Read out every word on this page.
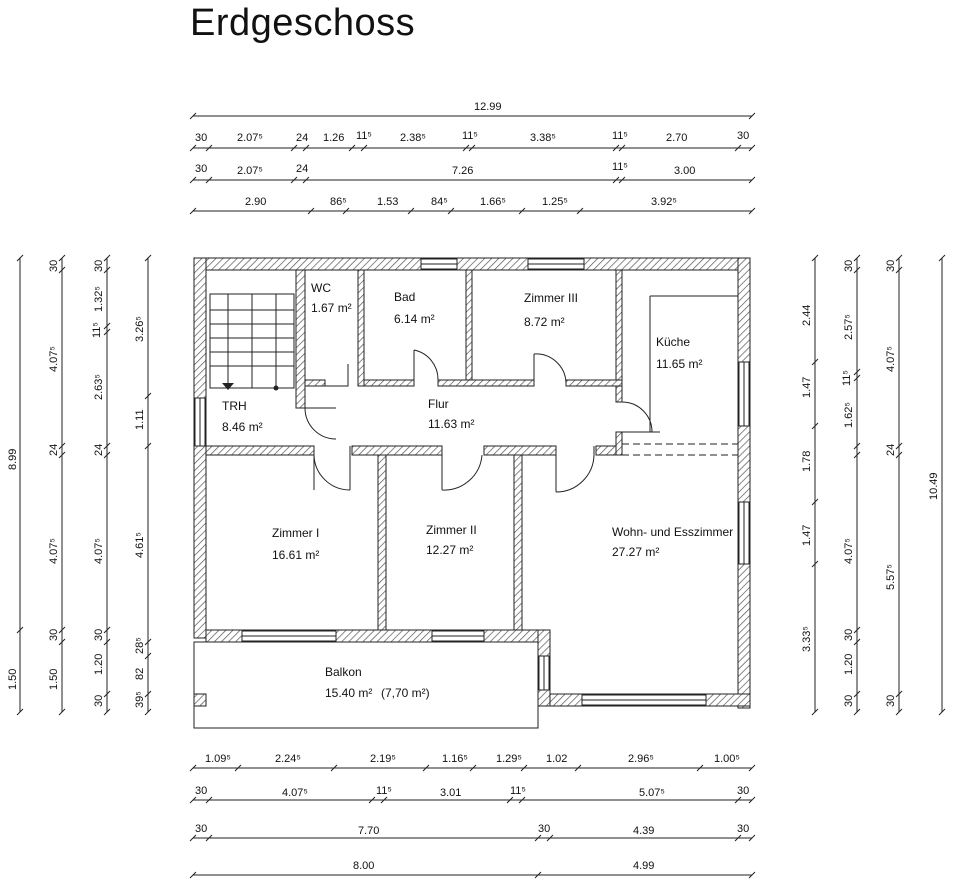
Erdgeschoss
12.99
30	2.07⁵	24 1.26 11⁵	2.38⁵	11⁵	3.38⁵	11⁵	2.70	30
30	2.07⁵	24	7.26	11⁵	3.00
2.90	86⁵	1.53	84⁵	1.66⁵	1.25⁵	3.92⁵
1.09⁵	2.24⁵	2.19⁵	1.16⁵	1.29⁵ 1.02	2.96⁵	1.00⁵
30	4.07⁵	11⁵	3.01	11⁵	5.07⁵	30
30	7.70	30	4.39	30
8.00	4.99
8.99
1.50
30
4.07⁵
24
4.07⁵
30
1.50
30
1.32⁵
11⁵
2.63⁵
24
4.07⁵
30
1.20
30
3.26⁵
1.11
4.61⁵
28⁵
82
39⁵
2.44
1.47
1.78
1.47
3.33⁵
30
2.57⁵
11⁵
1.62⁵
4.07⁵
30
1.20
30
30
4.07⁵
24
5.57⁵
30
10.49
WC
1.67 m²
Bad
6.14 m²
Zimmer III
8.72 m²
Küche
11.65 m²
TRH
8.46 m²
Flur
11.63 m²
Zimmer I
16.61 m²
Zimmer II
12.27 m²
Wohn- und Esszimmer
27.27 m²
Balkon
15.40 m² (7,70 m²)
